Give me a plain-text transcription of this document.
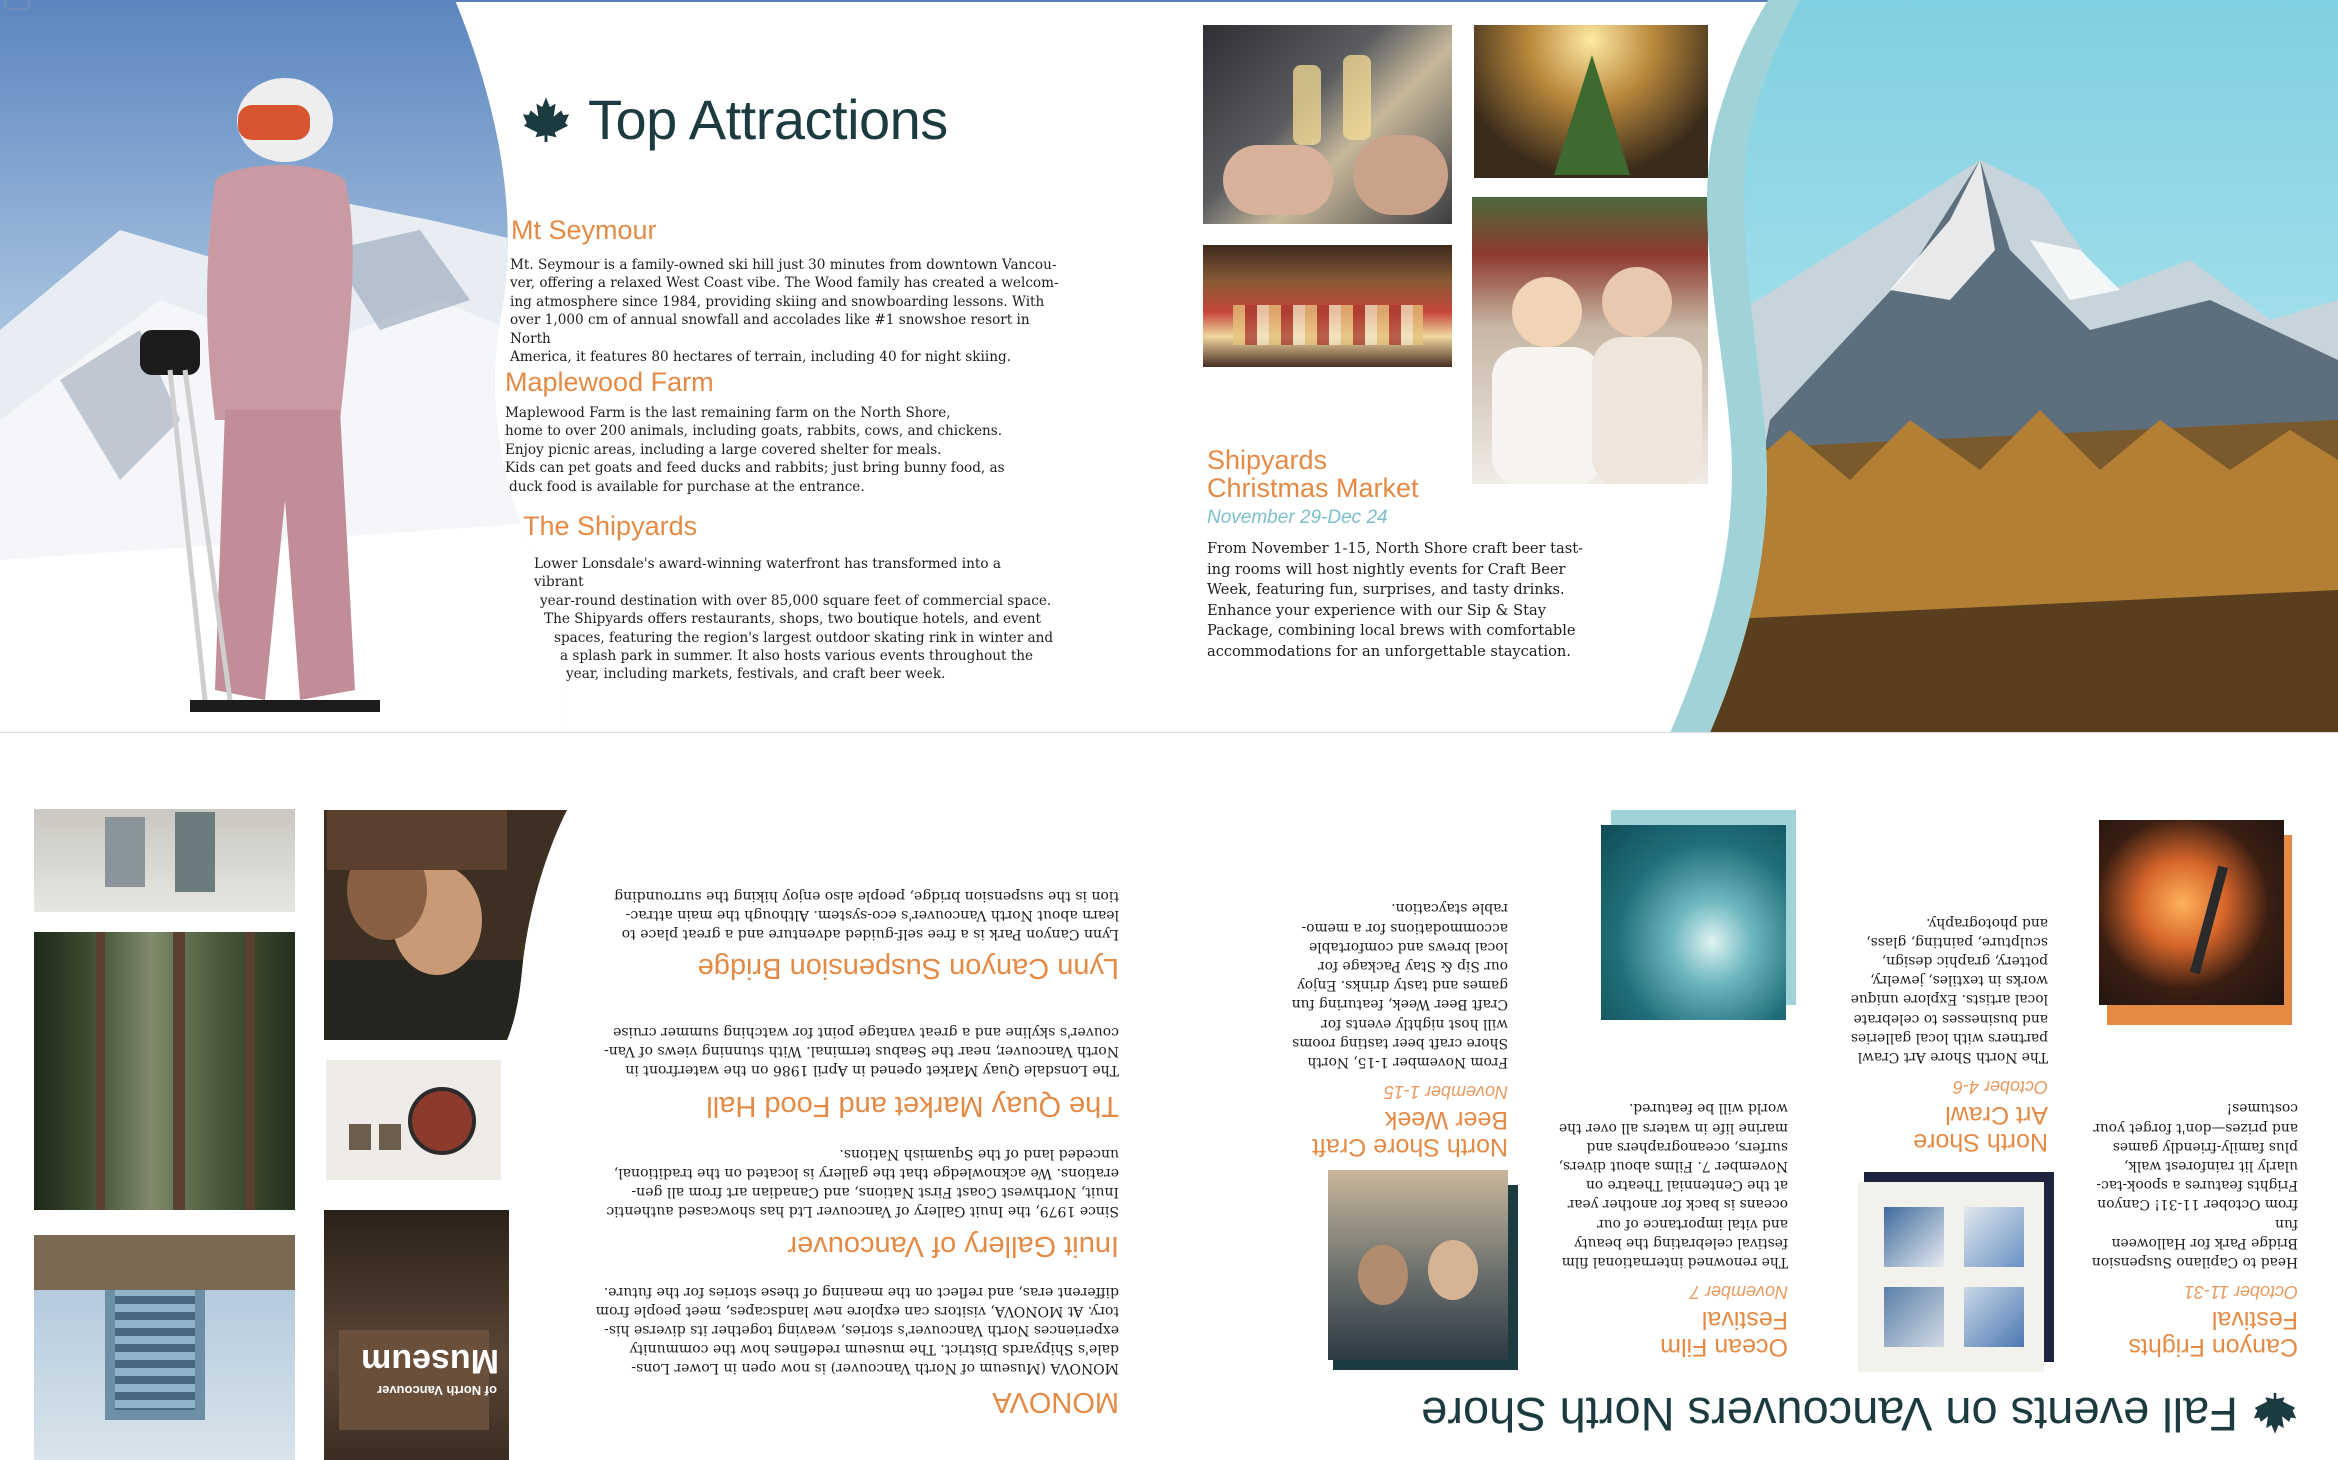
Top Attractions
Mt Seymour

Mt. Seymour is a family-owned ski hill just 30 minutes from downtown Vancou-

ver, offering a relaxed West Coast vibe. The Wood family has created a welcom-

ing atmosphere since 1984, providing skiing and snowboarding lessons. With

over 1,000 cm of annual snowfall and accolades like #1 snowshoe resort in North

America, it features 80 hectares of terrain, including 40 for night skiing.

Maplewood Farm

Maplewood Farm is the last remaining farm on the North Shore,

home to over 200 animals, including goats, rabbits, cows, and chickens.

Enjoy picnic areas, including a large covered shelter for meals.

Kids can pet goats and feed ducks and rabbits; just bring bunny food, as

duck food is available for purchase at the entrance.

The Shipyards

Lower Lonsdale's award-winning waterfront has transformed into a vibrant

year-round destination with over 85,000 square feet of commercial space.

The Shipyards offers restaurants, shops, two boutique hotels, and event

spaces, featuring the region's largest outdoor skating rink in winter and

a splash park in summer. It also hosts various events throughout the

year, including markets, festivals, and craft beer week.

Shipyards
Christmas Market

November 29-Dec 24

From November 1-15, North Shore craft beer tast-

ing rooms will host nightly events for Craft Beer

Week, featuring fun, surprises, and tasty drinks.

Enhance your experience with our Sip & Stay

Package, combining local brews with comfortable

accommodations for an unforgettable staycation.

MONOVA

MONOVA (Museum of North Vancouver) is now open in Lower Lons-

dale's Shipyards District. The museum redefines how the community

experiences North Vancouver's stories, weaving together its diverse his-

tory. At MONOVA, visitors can explore new landscapes, meet people from

different eras, and reflect on the meaning of these stories for the future.

Inuit Gallery of Vancouver

Since 1979, the Inuit Gallery of Vancouver Ltd has showcased authentic

Inuit, Northwest Coast First Nations, and Canadian art from all gen-

erations. We acknowledge that the gallery is located on the traditional,

unceded land of the Squamish Nations.

The Quay Market and Food Hall

The Lonsdale Quay Market opened in April 1986 on the waterfront in

North Vancouver, near the Seabus terminal. With stunning views of Van-

couver's skyline and a great vantage point for watching summer cruise

Lynn Canyon Suspension Bridge

Lynn Canyon Park is a free self-guided adventure and a great place to

learn about North Vancouver's eco-system. Although the main attrac-

tion is the suspension bridge, people also enjoy hiking the surrounding

Museum

of North Vancouver	Fall events on Vancouvers North Shore
Canyon Frights
Festival

October 11-31

Head to Capilano Suspension

Bridge Park for Halloween fun

from October 11-31! Canyon

Frights features a spook-tac-

ularly lit rainforest walk,

plus family-friendly games

and prizes—don't forget your

costumes!

North Shore
Art Crawl

October 4-6

The North Shore Art Crawl

partners with local galleries

and businesses to celebrate

local artists. Explore unique

works in textiles, jewelry,

pottery, graphic design,

sculpture, painting, glass,

and photography.

Ocean Film
Festival

November 7

The renowned international film

festival celebrating the beauty

and vital importance of our

oceans is back for another year

at the Centennial Theatre on

November 7. Films about divers,

surfers, oceanographers and

marine life in waters all over the

world will be featured.

North Shore Craft
Beer Week

November 1-15

From November 1-15, North

Shore craft beer tasting rooms

will host nightly events for

Craft Beer Week, featuring fun

games and tasty drinks. Enjoy

our Sip & Stay Package for

local brews and comfortable

accommodations for a memo-

rable staycation.
